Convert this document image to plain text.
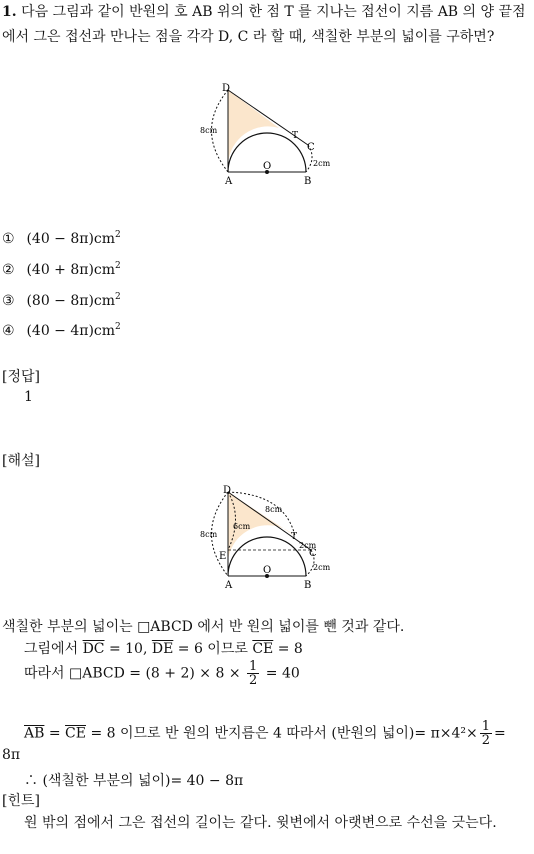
1. 다음 그림과 같이 반원의 호 AB 위의 한 점 T 를 지나는 접선이 지름 AB 의 양 끝점에서 그은 접선과 만나는 점을 각각 D, C 라 할 때, 색칠한 부분의 넓이를 구하면?
D
T
C
O
A	B
8cm
2cm
① $(40 - 8\pi)cm^2$
② $(40 + 8\pi)cm^2$
③ $(80 - 8\pi)cm^2$
④ $(40 - 4\pi)cm^2$
[정답]
1
[해설]
D
E
T
C
O
A	B
8cm
6cm
8cm
2cm
2cm
색칠한 부분의 넓이는 □ABCD 에서 반 원의 넓이를 뺀 것과 같다.
그림에서 $\overline{DC} = 10$, $\overline{DE} = 6$ 이므로 $\overline{CE} = 8$
따라서 □ABCD = $(8 + 2) \times 8 \times \frac{1}{2} = 40$
$\overline{AB} = \overline{CE} = 8$ 이므로 반 원의 반지름은 4 따라서 (반원의 넓이)= $\pi\times 4^2\times \frac{1}{2}$ =
8π
∴ (색칠한 부분의 넓이)= 40 − 8π
[힌트]
원 밖의 점에서 그은 접선의 길이는 같다. 윗변에서 아랫변으로 수선을 긋는다.
